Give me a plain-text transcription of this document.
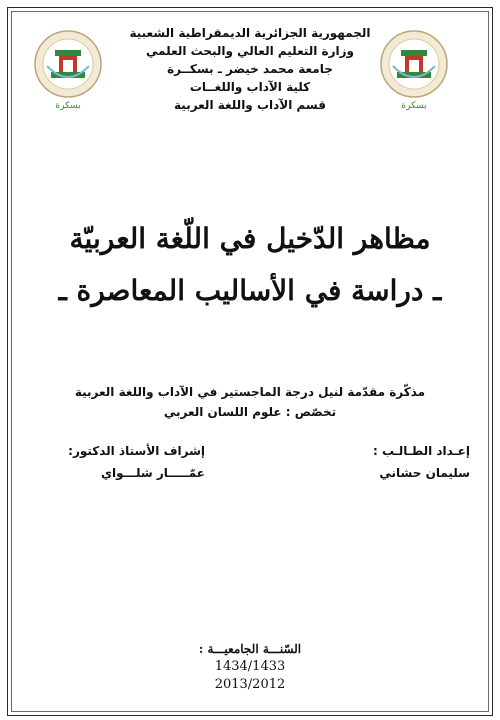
بسكرة	بسكرة
الجمهورية الجزائرية الديمقراطية الشعبية
وزارة التعليم العالي والبحث العلمي
جامعة محمد خيضر ـ بسكــرة
كلية الآداب واللغــات
قسم الآداب واللغة العربية
مظاهر الدّخيل في اللّغة العربيّة
ـ دراسة في الأساليب المعاصرة ـ
مذكّرة مقدّمة لنيل درجة الماجستير في الآداب واللغة العربية
تخصّص : علوم اللسان العربي
إعـداد الطـالـب :
سليمان حشاني
إشراف الأستاذ الدكتور:
عمّـــــار شلـــواي
السّنـــة الجامعيـــة :
1434/1433
2013/2012
